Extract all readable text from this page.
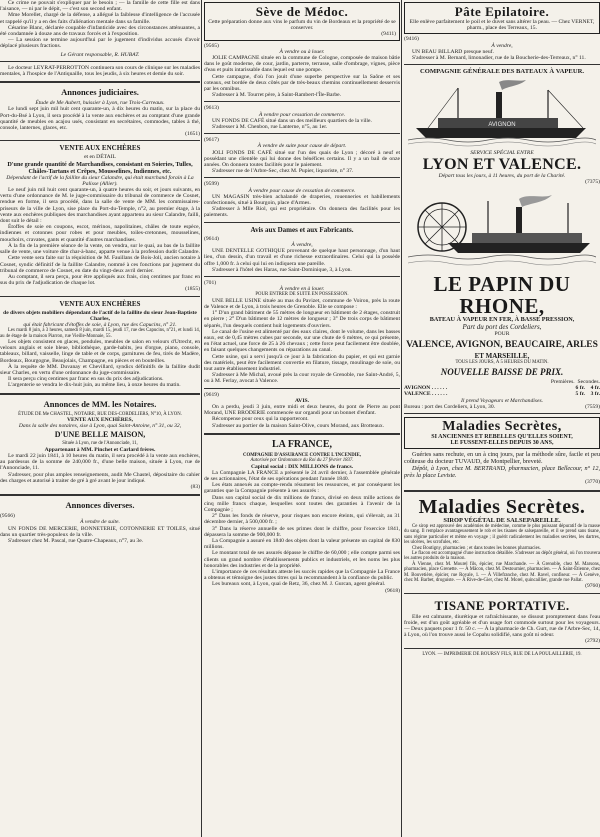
Ce crime ne pouvait s'expliquer par le besoin ; — la famille de cette fille est dans l'aisance, — ni par le dépit, — c'est son second enfant.

Mme Morellet, chargé de la défense, a allégué la faiblesse d'intelligence de l'accusée et rappelé qu'il y a en des faits d'aliénation mentale dans sa famille.

Césarine Blanc, déclarée coupable d'infanticide avec des circonstances atténuantes, a été condamnée à douze ans de travaux forcés et à l'exposition.

— La session se termine aujourd'hui par le jugement d'individus accusés d'avoir déplacé plusieurs fractions.

Le Gérant responsable, R. HUBAT.

Le docteur LEYRAT-PERROTTON continuera son cours de clinique sur les maladies mentales, à l'hospice de l'Antiquaille, tous les jeudis, à six heures et demie du soir.

Annonces judiciaires.

Étude de Me Aubert, huissier à Lyon, rue Trois-Carreaux.

Le lundi sept juin mil huit cent quarante-un, à dix heures du matin, sur la place du Port-du-Bsé à Lyon, il sera procédé à la vente aux enchères et au comptant d'une grande quantité de meubles en acajou usés, consistant en secrétaires, commodes, tables à thé, console, lanternes, glaces, etc.

(1651)

VENTE AUX ENCHÈRES

et en DÉTAIL

D'une grande quantité de Marchandises, consistant en Soieries, Tulles, Châles-Tartans et Crêpes, Mousselines, Indiennes, etc.

Dépendant de l'actif de la faillite du sieur Calandre, qui était marchand forain à La Palisse (Allier).

Le neuf juin mil huit cent quarante-un, à quatre heures du soir, et jours suivants, en vertu d'une ordonnance de M. le juge-commissaire du tribunal de commerce de Cosnet, rendue en forme, il sera procédé, dans la salle de vente de MM. les commissaires-priseurs de la ville de Lyon, sise place du Port-du-Temple, n°2, au premier étage, à la vente aux enchères publiques des marchandises ayant appartenu au sieur Calandre, failli, dont suit le détail :

Étoffes de soie en coupons, escot, mérinos, napolitaines, châles de toute espèce, indiennes et cotonnes pour robes et pour meubles, toiles-cretonnes, mousselines, mouchoirs, cravates, gants et quantité d'autres marchandises.

À la fin de la première séance de la vente, on vendra, sur le quai, au bas de la faillite salle de vente, une voiture dite char-à-banc, apparte venue à la profession dudit Calandre.

Cette vente sera faite sur la réquisition de M. Fauillans de Bois-Joli, ancien notaire à Cosnet, syndic définitif de la faillite Calandre, nommé à ces fonctions par jugement du tribunal de commerce de Cosnet, en date du vingt-deux avril dernier.

Au comptant, il sera perçu, pour être appliqués aux frais, cinq centimes par franc en sus du prix de l'adjudication de chaque lot.

(1855)

VENTE AUX ENCHÈRES

de divers objets mobiliers dépendant de l'actif de la faillite du sieur Jean-Baptiste Charles,

qui était fabricant d'étoffes de soie, à Lyon, rue des Capucins, n° 21.

Les mardi 8 juin, à 3 heures, samedi 8 juin, mardi 15, jeudi 17, rue des Capucins, n°21, et lundi 14, au 4e étage de la maison Piarron, rue Vieille-Monnaie, 55.

Les objets consistent en glaces, pendules, meubles de salon en velours d'Utrecht, en velours anglais et soie bleue, bibliothèque, garde-habits, jeu d'orgue, piano, console, tableaux, billard, vaisselle, linge de table et de corps, garnitures de feu, tirés de Madère, Bordeaux, Bourgogne, Beaujolais, Champagne, en pièces et en bouteilles.

À la requête de MM. Duvanay et Chevillard, syndics définitifs de la faillite dudit sieur Charles, en vertu d'une ordonnance du juge-commissaire.

Il sera perçu cinq centimes par franc en sus du prix des adjudications.

L'argenterie se vendra le dix-huit juin, au même lieu, à onze heures du matin.

Annonces de MM. les Notaires.

ÉTUDE DE Me CHASTEL, NOTAIRE, RUE DES-CORDELIERS, N°10, À LYON.

VENTE AUX ENCHÈRES,

Dans la salle des notaires, sise à Lyon, quai Saint-Antoine, n° 31, ou 32,

D'UNE BELLE MAISON,

Située à Lyon, rue de l'Annonciade, 11,

Appartenant à MM. Pinchet et Carlard frères.

Le mardi 22 juin 1841, à 10 heures du matin, il sera procédé à la vente aux enchères, au pardessus de la somme de 240,000 fr., d'une belle maison, située à Lyon, rue de l'Annonciade, 11.

S'adresser, pour plus amples renseignements, audit Me Chastel, dépositaire du cahier des charges et autorisé à traiter de gré à gré avant le jour indiqué.

(83)

Annonces diverses.

(9566)

À vendre de suite.

UN FONDS DE MERCERIE, BONNETERIE, COTONNERIE ET TOILES, situé dans un quartier très-populeux de la ville.

S'adresser chez M. Pascal, rue Quatre-Chapeaux, n°7, au 3e.

Sève de Médoc.

Cette préparation donne aux vins le parfum du vin de Bordeaux et la propriété de se conserver.

(9411)

(9565)

À vendre ou à louer.

JOLIE CAMPAGNE située en la commune de Cologne, composée de maison bâtie dans le goût moderne, de cour, jardin, parterre, terrasse, salle d'ombrage, vignes, pièce d'eau et puits intarissable dans lequel est une pompe.

Cette campagne, d'où l'on jouit d'une superbe perspective sur la Saône et ses coteaux, est bordée de deux côtés par de très-beaux chemins continuellement desservis par les omnibus.

S'adresser à M. Tourret père, à Saint-Rambert-l'Île-Barbe.

(9613)

À vendre pour cessation de commerce.

UN FONDS DE CAFÉ situé dans un des meilleurs quartiers de la ville.

S'adresser à M. Chenbon, rue Lanterne, n°5, au 1er.

(9617)

À vendre de suite pour cause de départ.

JOLI FONDS DE CAFÉ situé sur l'un des quais de Lyon ; décoré à neuf et possédant une clientèle qui lui donne des bénéfices certains. Il y a un bail de onze années. On donnera toutes facilités pour le paiement.

S'adresser rue de l'Arbre-Sec, chez M. Pupier, liquoriste, n° 37.

(9599)

À vendre pour cause de cessation de commerce.

UN MAGASIN très-bien achalandé de draperies, rouenneries et habillements confectionnés, situé à Bourgoin, place d'Armes.

S'adresser à Mlle Riol, qui est propriétaire. On donnera des facilités pour les paiements.

Avis aux Dames et aux Fabricants.

(9614)

À vendre,

UNE DENTELLE GOTHIQUE provenant de quelque haut personnage, d'un haut lieu, d'un dessin, d'un travail et d'une richesse extraordinaires. Celui qui la possède offre 1,000 fr. à celui qui lui en indiquera une pareille.

S'adresser à l'hôtel des Haras, rue Saint-Dominique, 3, à Lyon.

(701)

À vendre en à louer.

POUR ENTRER DE SUITE EN POSSESSION.

UNE BELLE USINE située au mas du Pavizet, commune de Voiron, près la route de Valence et de Lyon, à trois heures de Grenoble. Elle se compose :

1° D'un grand bâtiment de 55 mètres de longueur en bâtiment de 2 étages, construit en pierre ; 2° D'un bâtiment de 12 mètres de longueur ; 3° De trois corps de bâtiment séparés, l'un desquels contient huit logements d'ouvriers.

Le canal de l'usine est alimenté par des eaux claires, dont le volume, dans les basses eaux, est de 0,45 mètres cubes par seconde, sur une chute de 6 mètres, ce qui présente, en l'état actuel, une force de 25 à 26 chevaux ; cette force peut facilement être doublée, en faisant quelques changements ou réparations au canal.

Cette usine, qui a servi jusqu'à ce jour à la fabrication du papier, et qui est garnie des matériels, peut être facilement convertie en filature, tissage, moulinage de soie, ou tout autre établissement industriel.

S'adresser à Me Michal, avoué près la cour royale de Grenoble, rue Saint-André, 5, ou à M. Ferlay, avocat à Valence.

(9619)

AVIS.

On a perdu, jeudi 3 juin, entre midi et deux heures, du pont de Pierre au pont Morand, UNE BRODERIE commencée sur organdi pour un bonnet d'enfant.

Récompense pour ceux qui la rapporteront.

S'adresser au portier de la maison Saint-Olive, cours Morand, aux Brotteaux.

LA FRANCE,

COMPAGNIE D'ASSURANCE CONTRE L'INCENDIE,

Autorisée par Ordonnance du Roi du 27 février 1837.

Capital social : DIX MILLIONS de francs.

La Compagnie LA FRANCE a présenté le 24 avril dernier, à l'assemblée générale de ses actionnaires, l'état de ses opérations pendant l'année 1840.

Les états annexés au compte-rendu résument les ressources, et par conséquent les garanties que la Compagnie présente à ses assurés :

Dans son capital social de dix millions de francs, divisé en deux mille actions de cinq mille francs chaque, lesquelles sont toutes des garanties à l'avenir de la Compagnie ;

2° Dans les fonds de réserve, pour risques non encore éteints, qui s'élevait, au 31 décembre dernier, à 500,000 fr. ;

3° Dans la réserve annuelle de ses primes dont le chiffre, pour l'exercice 1841, dépassera la somme de 900,000 fr.

La Compagnie a assuré en 1840 des objets dont la valeur présente un capital de 830 millions.

Le montant total de ses assurés dépasse le chiffre de 60,000 ; elle compte parmi ses clients un grand nombre d'établissements publics et industriels, et les noms les plus honorables des industries et de la propriété.

L'importance de ces résultats atteste les succès rapides que la Compagnie La France a obtenus et témoigne des justes titres qui la recommandent à la confiance du public.

Les bureaux sont, à Lyon, quai de Retz, 36, chez M. J. Gurcan, agent général.

(9618)

Pâte Epilatoire.

Elle enlève parfaitement le poil et le duvet sans altérer la peau. — Chez VERNET, pharm., place des Terreaux, 15.

(9416)

À vendre,

UN BEAU BILLARD presque neuf.

S'adresser à M. Bernard, limonadier, rue de la Boucherie-des-Terreaux, n° 11.

COMPAGNIE GÉNÉRALE DES BATEAUX À VAPEUR.

AVIGNON

SERVICE SPÉCIAL ENTRE

LYON ET VALENCE.

Départ tous les jours, à 11 heures, du port de la Charité.

(7375)

LE PAPIN DU RHONE,

BATEAU À VAPEUR EN FER, À BASSE PRESSION,

Part du port des Cordeliers,

POUR

VALENCE, AVIGNON, BEAUCAIRE, ARLES

ET MARSEILLE,

TOUS LES JOURS, À 5 HEURES DU MATIN.

NOUVELLE BAISSE DE PRIX.
Premières. Secondes.
AVIGNON . . . . . .	6 fr. 4 fr.
VALENCE . . . . . .	5 fr. 3 fr.

Il prend Voyageurs et Marchandises.

Bureau : port des Cordeliers, à Lyon, 30.	(7559)
Maladies Secrètes,

SI ANCIENNES ET REBELLES QU'ELLES SOIENT,

LE FUSSENT-ELLES DEPUIS 30 ANS,

Guéries sans rechute, en un à cinq jours, par la méthode sûre, facile et peu coûteuse du docteur TUVAUD, de Montpellier, breveté.

Dépôt, à Lyon, chez M. BERTRAND, pharmacien, place Bellecour, n° 12, près la place Leviste.

(3770)

Maladies Secrètes.

SIROP VÉGÉTAL DE SALSEPAREILLE.

Ce sirop est approuvé des académies de médecine, comme le plus puissant dépuratif de la masse du sang. Il remplace avantageusement le rob et les tisanes de salsepareille, et il se prend sans tisane, sans régime particulier et même en voyage ; il guérit radicalement les maladies secrètes, les dartres, les ulcères, les scrofules, etc.

Chez Boutigny, pharmacien ; et dans toutes les bonnes pharmacies.

Le flacon est accompagné d'une instruction détaillée. S'adresser au dépôt général, où l'on trouvera les autres produits de la maison.

À Vienne, chez M. Mourel fils, épicier, rue Marchande. — À Grenoble, chez M. Marsons, pharmacien, place Grenette. — À Mâcon, chez M. Destournier, pharmacien. — À Saint-Étienne, chez M. Bouvetière, épicier, rue Royale, 1. — À Villefranche, chez M. Ravel, confiseur. — À Genève, chez M. Barbet, droguiste. — À Rive-de-Gier, chez M. Morel, quincaillier, grande rue Pallat.

(9760)

TISANE PORTATIVE.

Elle est calmante, diurétique et rafraîchissante, se dissout promptement dans l'eau froide, est d'un goût agréable et d'un usage fort commode surtout pour les voyageurs. — Deux paquets pour 1 fr. 50 c. — À la pharmacie de Ch. Gurt, rue de l'Arbre-Sec, 14, à Lyon, où l'on trouve aussi le Copahu solidifié, sans goût ni odeur.

(2792)

LYON. — IMPRIMERIE DE BOURSY FILS, RUE DE LA POULAILLERIE, 19.
